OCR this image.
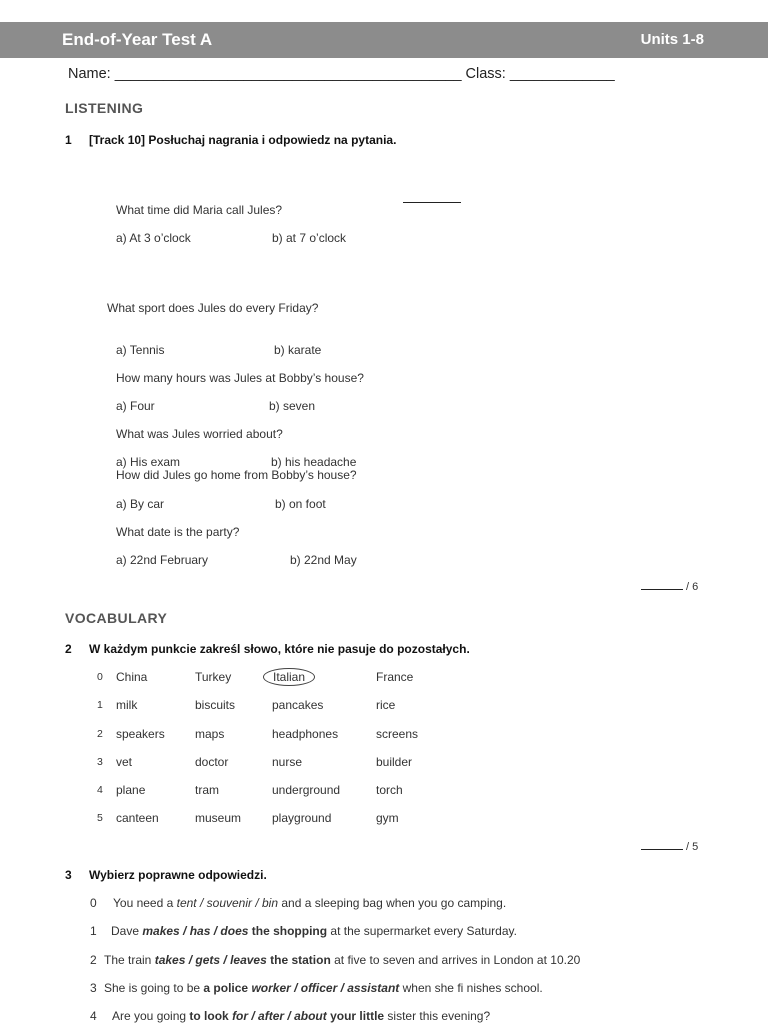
End-of-Year Test A	Units 1-8
Name: ___________________________________________ Class: _____________
LISTENING
1 [Track 10] Posłuchaj nagrania i odpowiedz na pytania.
What time did Maria call Jules?
a) At 3 o’clock	b) at 7 o’clock
What sport does Jules do every Friday?
a) Tennis	b) karate
How many hours was Jules at Bobby’s house?
a) Four	b) seven
What was Jules worried about?
a) His exam	b) his headache
How did Jules go home from Bobby’s house?
a) By car	b) on foot
What date is the party?
a) 22nd February	b) 22nd May
/ 6
VOCABULARY
2 W każdym punkcie zakreśl słowo, które nie pasuje do pozostałych.
0 China	Turkey	Italian	France
1 milk	biscuits	pancakes	rice
2 speakers	maps	headphones	screens
3 vet	doctor	nurse	builder
4 plane	tram	underground	torch
5 canteen	museum	playground	gym
/ 5
3 Wybierz poprawne odpowiedzi.
0 You need a tent / souvenir / bin and a sleeping bag when you go camping.
1 Dave makes / has / does the shopping at the supermarket every Saturday.
2 The train takes / gets / leaves the station at five to seven and arrives in London at 10.20
3 She is going to be a police worker / officer / assistant when she fi nishes school.
4 Are you going to look for / after / about your little sister this evening?
